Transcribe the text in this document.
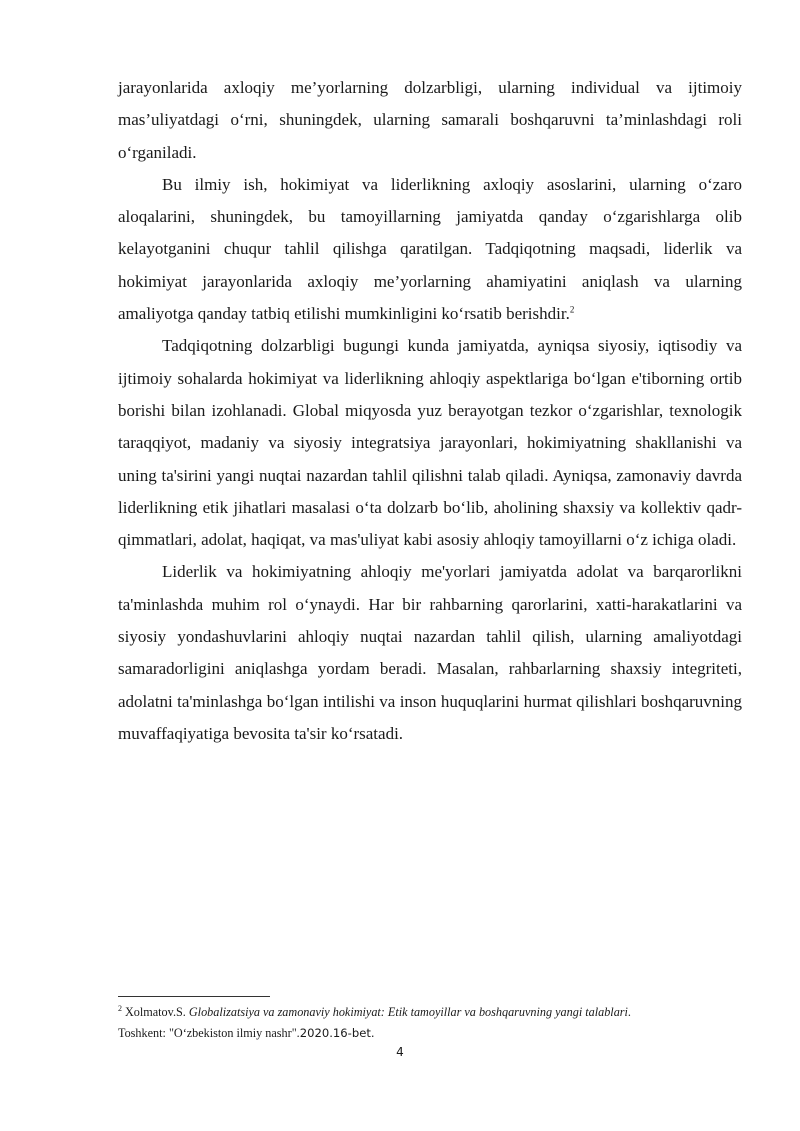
jarayonlarida axloqiy me’yorlarning dolzarbligi, ularning individual va ijtimoiy mas’uliyatdagi o‘rni, shuningdek, ularning samarali boshqaruvni ta’minlashdagi roli o‘rganiladi.

Bu ilmiy ish, hokimiyat va liderlikning axloqiy asoslarini, ularning o‘zaro aloqalarini, shuningdek, bu tamoyillarning jamiyatda qanday o‘zgarishlarga olib kelayotganini chuqur tahlil qilishga qaratilgan. Tadqiqotning maqsadi, liderlik va hokimiyat jarayonlarida axloqiy me’yorlarning ahamiyatini aniqlash va ularning amaliyotga qanday tatbiq etilishi mumkinligini ko‘rsatib berishdir.$^2$

Tadqiqotning dolzarbligi bugungi kunda jamiyatda, ayniqsa siyosiy, iqtisodiy va ijtimoiy sohalarda hokimiyat va liderlikning ahloqiy aspektlariga bo‘lgan e'tiborning ortib borishi bilan izohlanadi. Global miqyosda yuz berayotgan tezkor o‘zgarishlar, texnologik taraqqiyot, madaniy va siyosiy integratsiya jarayonlari, hokimiyatning shakllanishi va uning ta'sirini yangi nuqtai nazardan tahlil qilishni talab qiladi. Ayniqsa, zamonaviy davrda liderlikning etik jihatlari masalasi o‘ta dolzarb bo‘lib, aholining shaxsiy va kollektiv qadr-qimmatlari, adolat, haqiqat, va mas'uliyat kabi asosiy ahloqiy tamoyillarni o‘z ichiga oladi.

Liderlik va hokimiyatning ahloqiy me'yorlari jamiyatda adolat va barqarorlikni ta'minlashda muhim rol o‘ynaydi. Har bir rahbarning qarorlarini, xatti-harakatlarini va siyosiy yondashuvlarini ahloqiy nuqtai nazardan tahlil qilish, ularning amaliyotdagi samaradorligini aniqlashga yordam beradi. Masalan, rahbarlarning shaxsiy integriteti, adolatni ta'minlashga bo‘lgan intilishi va inson huquqlarini hurmat qilishlari boshqaruvning muvaffaqiyatiga bevosita ta'sir ko‘rsatadi.

$^2$ Xolmatov.S. Globalizatsiya va zamonaviy hokimiyat: Etik tamoyillar va boshqaruvning yangi talablari.
Toshkent: "O‘zbekiston ilmiy nashr".2020.16-bet.

4
